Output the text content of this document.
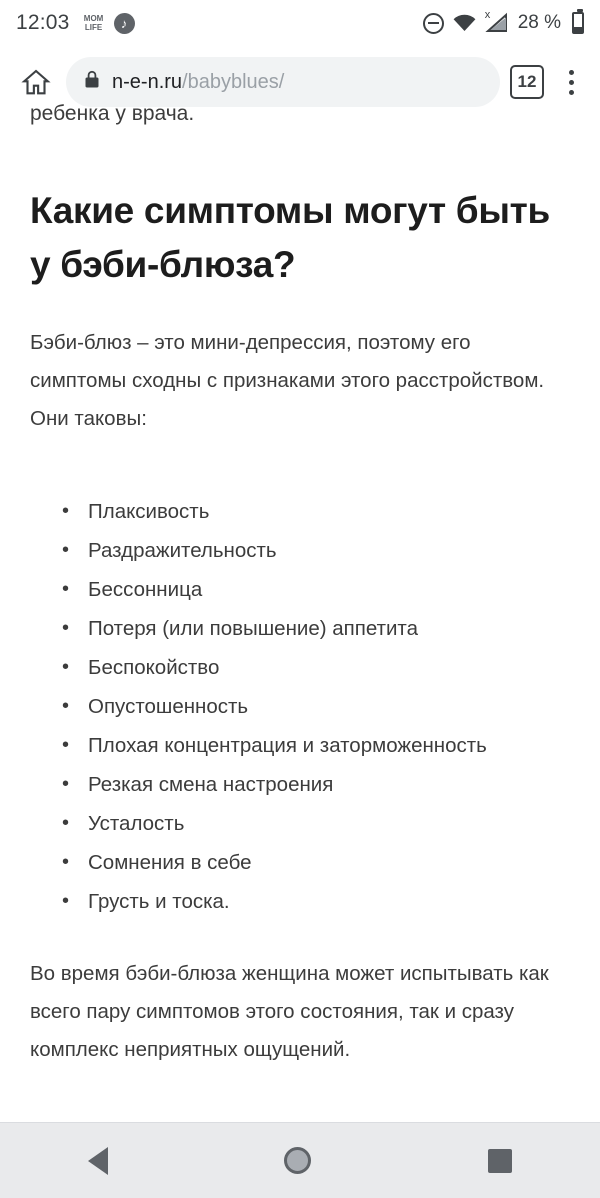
12:03 MOM
LIFE	♪
x 28 %
n-e-n.ru/babyblues/	12
ребенка у врача.
Какие симптомы могут быть у бэби-блюза?

Бэби-блюз – это мини-депрессия, поэтому его симптомы сходны с признаками этого расстройством. Они таковы:

• Плаксивость
• Раздражительность
• Бессонница
• Потеря (или повышение) аппетита
• Беспокойство
• Опустошенность
• Плохая концентрация и заторможенность
• Резкая смена настроения
• Усталость
• Сомнения в себе
• Грусть и тоска.

Во время бэби-блюза женщина может испытывать как всего пару симптомов этого состояния, так и сразу комплекс неприятных ощущений.
